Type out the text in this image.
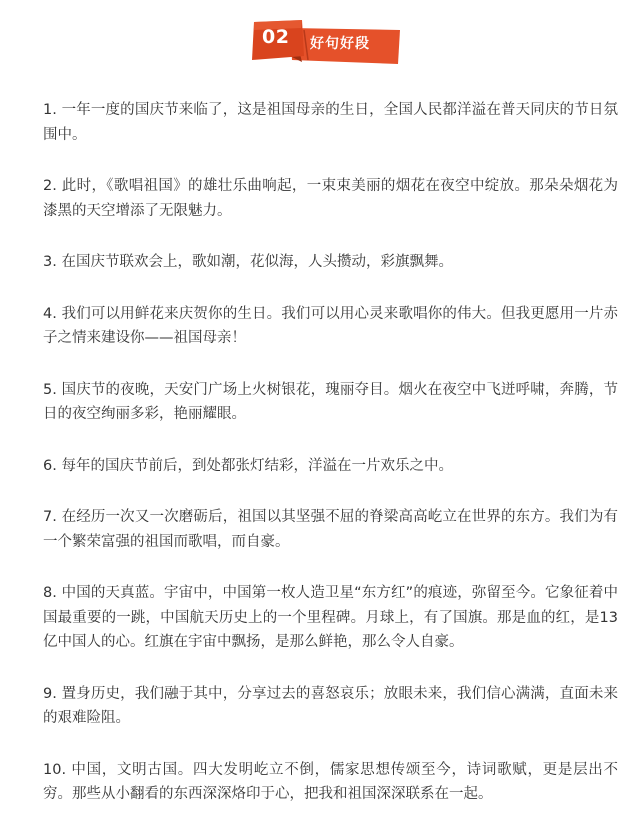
02 好句好段

1. 一年一度的国庆节来临了，这是祖国母亲的生日，全国人民都洋溢在普天同庆的节日氛围中。

2. 此时，《歌唱祖国》的雄壮乐曲响起，一束束美丽的烟花在夜空中绽放。那朵朵烟花为漆黑的天空增添了无限魅力。

3. 在国庆节联欢会上，歌如潮，花似海，人头攒动，彩旗飘舞。

4. 我们可以用鲜花来庆贺你的生日。我们可以用心灵来歌唱你的伟大。但我更愿用一片赤子之情来建设你——祖国母亲！

5. 国庆节的夜晚，天安门广场上火树银花，瑰丽夺目。烟火在夜空中飞迸呼啸，奔腾，节日的夜空绚丽多彩，艳丽耀眼。

6. 每年的国庆节前后，到处都张灯结彩，洋溢在一片欢乐之中。

7. 在经历一次又一次磨砺后，祖国以其坚强不屈的脊梁高高屹立在世界的东方。我们为有一个繁荣富强的祖国而歌唱，而自豪。

8. 中国的天真蓝。宇宙中，中国第一枚人造卫星“东方红”的痕迹，弥留至今。它象征着中国最重要的一跳，中国航天历史上的一个里程碑。月球上，有了国旗。那是血的红，是13亿中国人的心。红旗在宇宙中飘扬，是那么鲜艳，那么令人自豪。

9. 置身历史，我们融于其中，分享过去的喜怒哀乐；放眼未来，我们信心满满，直面未来的艰难险阻。

10. 中国，文明古国。四大发明屹立不倒，儒家思想传颂至今，诗词歌赋，更是层出不穷。那些从小翻看的东西深深烙印于心，把我和祖国深深联系在一起。
